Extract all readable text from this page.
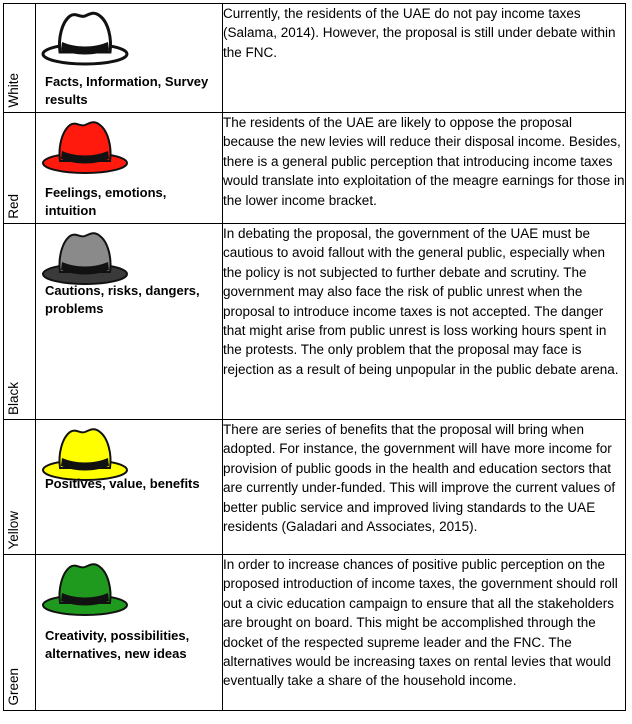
White	Facts, Information, Survey results	Currently, the residents of the UAE do not pay income taxes (Salama, 2014). However, the proposal is still under debate within the FNC.

Red	Feelings, emotions, intuition	The residents of the UAE are likely to oppose the proposal because the new levies will reduce their disposal income. Besides, there is a general public perception that introducing income taxes would translate into exploitation of the meagre earnings for those in the lower income bracket.

Black	Cautions, risks, dangers, problems	In debating the proposal, the government of the UAE must be cautious to avoid fallout with the general public, especially when the policy is not subjected to further debate and scrutiny. The government may also face the risk of public unrest when the proposal to introduce income taxes is not accepted. The danger that might arise from public unrest is loss working hours spent in the protests. The only problem that the proposal may face is rejection as a result of being unpopular in the public debate arena.

Yellow	Positives, value, benefits	There are series of benefits that the proposal will bring when adopted. For instance, the government will have more income for provision of public goods in the health and education sectors that are currently under-funded. This will improve the current values of better public service and improved living standards to the UAE residents (Galadari and Associates, 2015).

Green	Creativity, possibilities, alternatives, new ideas	In order to increase chances of positive public perception on the proposed introduction of income taxes, the government should roll out a civic education campaign to ensure that all the stakeholders are brought on board. This might be accomplished through the docket of the respected supreme leader and the FNC. The alternatives would be increasing taxes on rental levies that would eventually take a share of the household income.
